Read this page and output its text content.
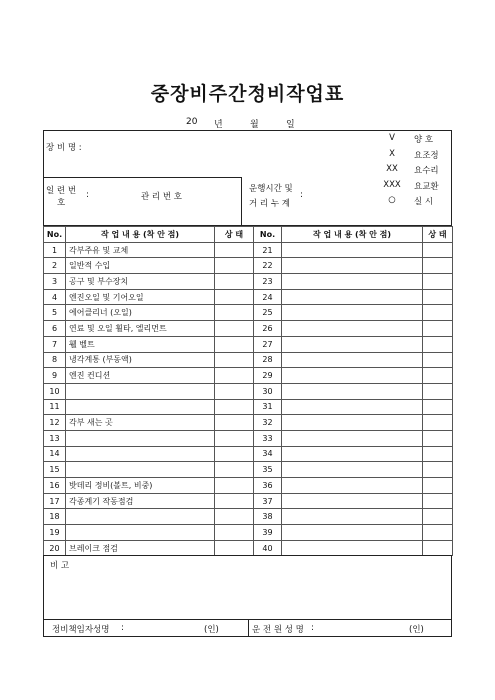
중장비주간정비작업표
20 년	월	일
장 비 명 :
일 련 번
호
:	관 리 번 호
운행시간 및
거 리 누 계
:
V	양 호
X	요조정
XX	요수리
XXX 요교환
○	실 시
No.	작 업 내 용 (착 안 점)	상 태	No.	작 업 내 용 (착 안 점)	상 태
1	각부주유 및 교체		21		
2	일반적 수입		22		
3	공구 및 부수장치		23		
4	엔진오일 및 기어오일		24		
5	에어클리너 (오일)		25		
6	연료 및 오일 휠타, 엘리먼트		26		
7	휄 벨트		27		
8	냉각계통 (부동액)		28		
9	엔진 컨디션		29		
10			30		
11			31		
12	각부 새는 곳		32		
13			33		
14			34		
15			35		
16	밧데리 정비(볼트, 비중)		36		
17	각종계기 작동점검		37		
18			38		
19			39		
20	브레이크 점검		40		
비 고
정비책임자성명 :	(인)	운 전 원 성 명 :	(인)
